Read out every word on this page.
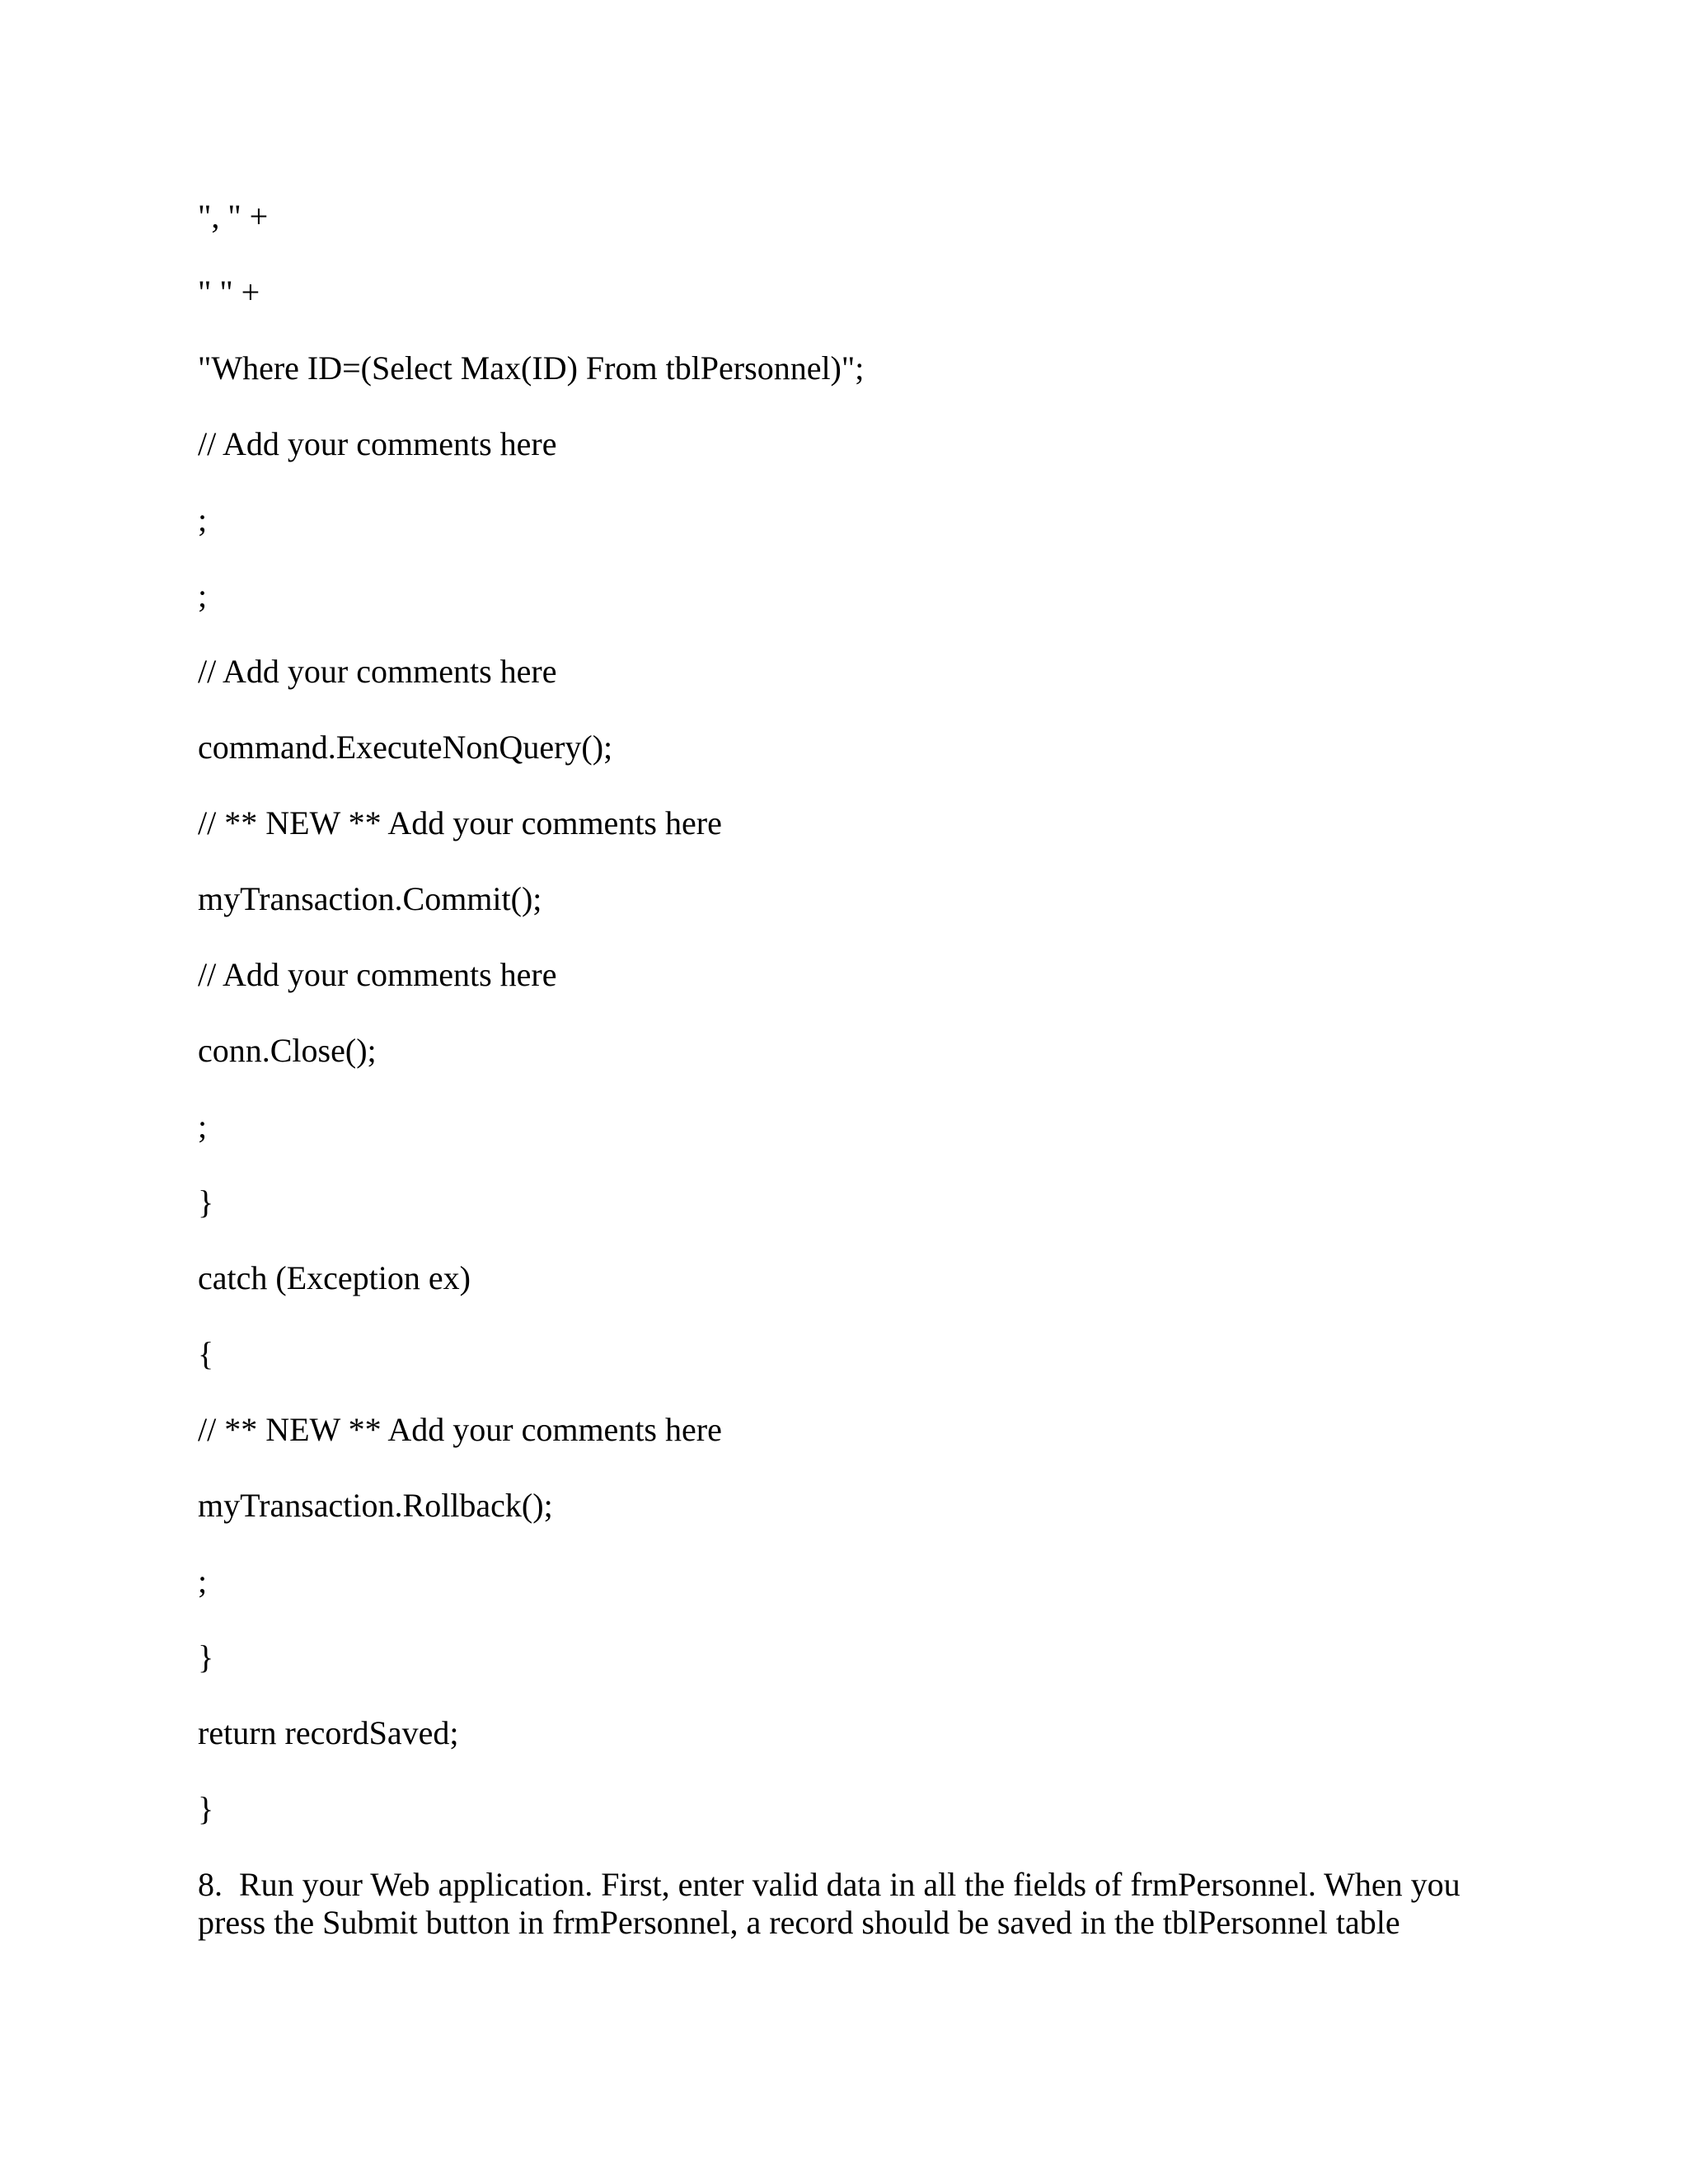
", " +
" " +
"Where ID=(Select Max(ID) From tblPersonnel)";
// Add your comments here
;
;
// Add your comments here
command.ExecuteNonQuery();
// ** NEW ** Add your comments here
myTransaction.Commit();
// Add your comments here
conn.Close();
;
}
catch (Exception ex)
{
// ** NEW ** Add your comments here
myTransaction.Rollback();
;
}
return recordSaved;
}
8.  Run your Web application. First, enter valid data in all the fields of frmPersonnel. When you
press the Submit button in frmPersonnel, a record should be saved in the tblPersonnel table
